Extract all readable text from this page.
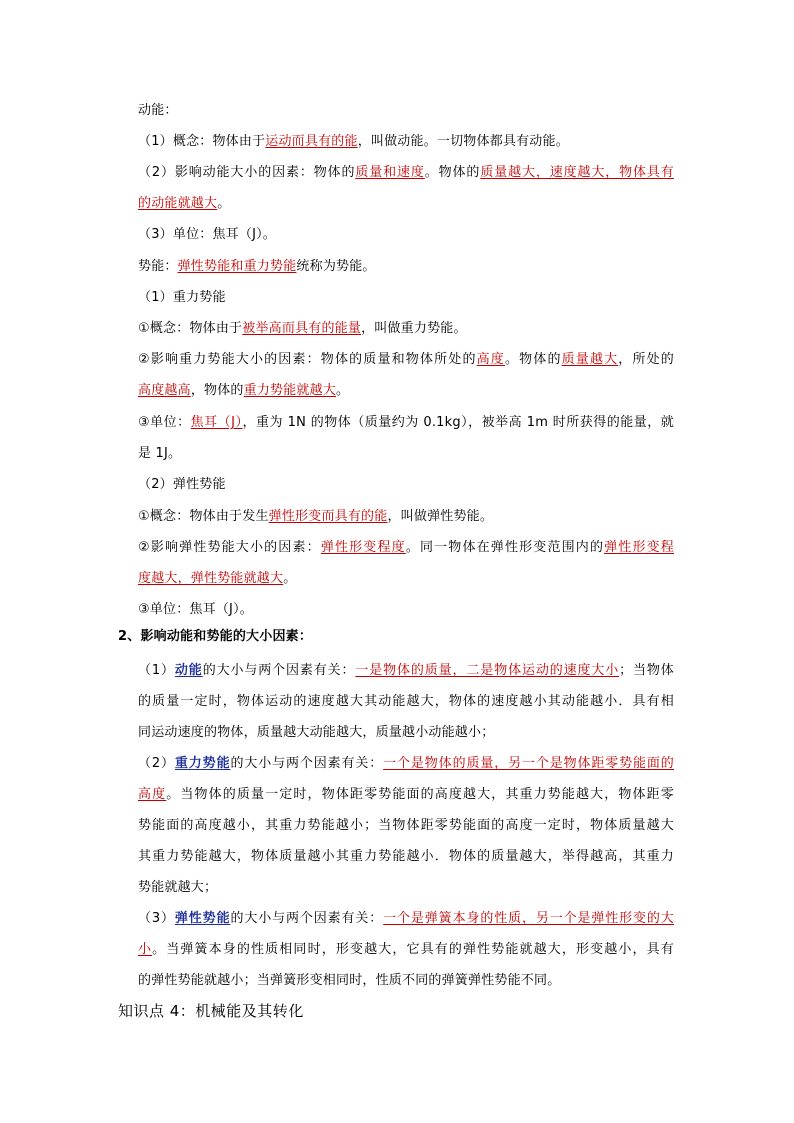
动能：
（1）概念：物体由于运动而具有的能，叫做动能。一切物体都具有动能。
（2）影响动能大小的因素：物体的质量和速度。物体的质量越大，速度越大，物体具有
的动能就越大。
（3）单位：焦耳（J）。
势能：弹性势能和重力势能统称为势能。
（1）重力势能
①概念：物体由于被举高而具有的能量，叫做重力势能。
②影响重力势能大小的因素：物体的质量和物体所处的高度。物体的质量越大，所处的
高度越高，物体的重力势能就越大。
③单位：焦耳（J），重为 1N 的物体（质量约为 0.1kg），被举高 1m 时所获得的能量，就
是 1J。
（2）弹性势能
①概念：物体由于发生弹性形变而具有的能，叫做弹性势能。
②影响弹性势能大小的因素：弹性形变程度。同一物体在弹性形变范围内的弹性形变程
度越大，弹性势能就越大。
③单位：焦耳（J）。
2、影响动能和势能的大小因素：
（1）动能的大小与两个因素有关：一是物体的质量，二是物体运动的速度大小；当物体
的质量一定时，物体运动的速度越大其动能越大，物体的速度越小其动能越小．具有相
同运动速度的物体，质量越大动能越大，质量越小动能越小；
（2）重力势能的大小与两个因素有关：一个是物体的质量，另一个是物体距零势能面的
高度。当物体的质量一定时，物体距零势能面的高度越大，其重力势能越大，物体距零
势能面的高度越小，其重力势能越小；当物体距零势能面的高度一定时，物体质量越大
其重力势能越大，物体质量越小其重力势能越小．物体的质量越大，举得越高，其重力
势能就越大；
（3）弹性势能的大小与两个因素有关：一个是弹簧本身的性质，另一个是弹性形变的大
小。当弹簧本身的性质相同时，形变越大，它具有的弹性势能就越大，形变越小，具有
的弹性势能就越小；当弹簧形变相同时，性质不同的弹簧弹性势能不同。
知识点 4：机械能及其转化
